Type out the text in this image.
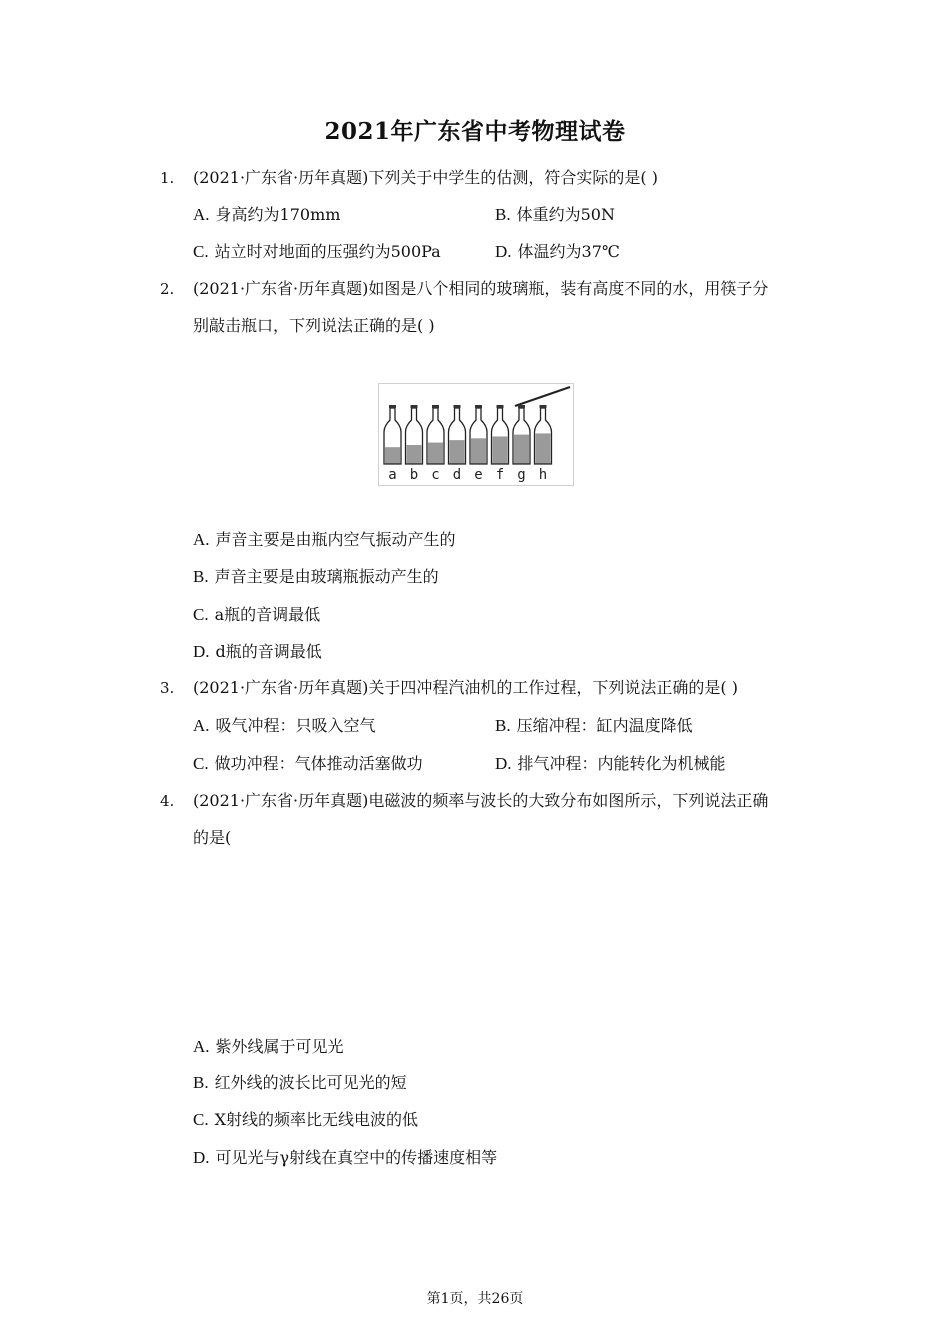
2021年广东省中考物理试卷
1. (2021·广东省·历年真题)下列关于中学生的估测，符合实际的是( )
A. 身高约为170mm	B. 体重约为50N
C. 站立时对地面的压强约为500Pa	D. 体温约为37℃
2. (2021·广东省·历年真题)如图是八个相同的玻璃瓶，装有高度不同的水，用筷子分
别敲击瓶口，下列说法正确的是( )
a b c d e f g h
A. 声音主要是由瓶内空气振动产生的
B. 声音主要是由玻璃瓶振动产生的
C. a瓶的音调最低
D. d瓶的音调最低
3. (2021·广东省·历年真题)关于四冲程汽油机的工作过程，下列说法正确的是( )
A. 吸气冲程：只吸入空气	B. 压缩冲程：缸内温度降低
C. 做功冲程：气体推动活塞做功	D. 排气冲程：内能转化为机械能
4. (2021·广东省·历年真题)电磁波的频率与波长的大致分布如图所示，下列说法正确
的是(
A. 紫外线属于可见光
B. 红外线的波长比可见光的短
C. X射线的频率比无线电波的低
D. 可见光与γ射线在真空中的传播速度相等
第1页，共26页
